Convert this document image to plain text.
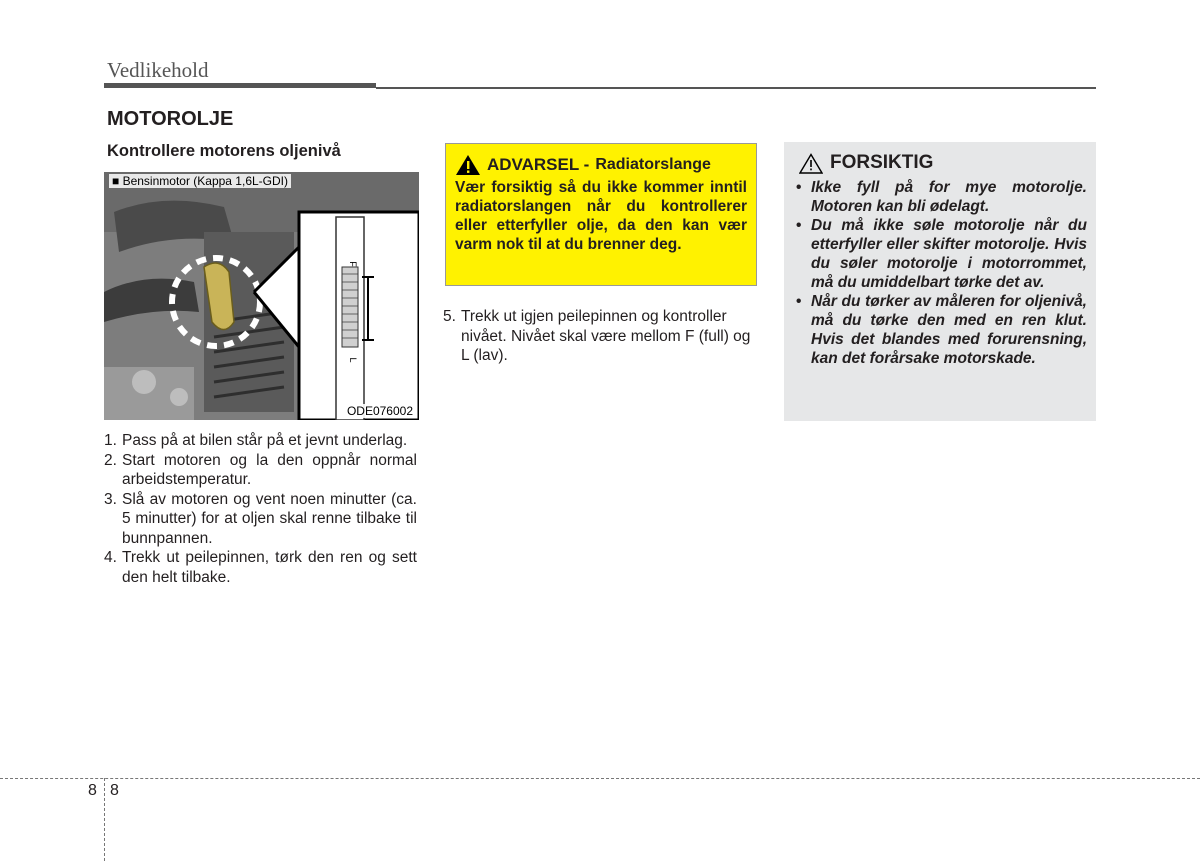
Vedlikehold
MOTOROLJE
Kontrollere motorens oljenivå
F
L
■ Bensinmotor (Kappa 1,6L-GDI)
ODE076002
1. Pass på at bilen står på et jevnt underlag.
2. Start motoren og la den oppnår normal arbeidstemperatur.
3. Slå av motoren og vent noen minutter (ca. 5 minutter) for at oljen skal renne tilbake til bunnpannen.
4. Trekk ut peilepinnen, tørk den ren og sett den helt tilbake.
ADVARSEL - Radiatorslange
Vær forsiktig så du ikke kommer inntil radiatorslangen når du kontrollerer eller etterfyller olje, da den kan vær varm nok til at du brenner deg.
5. Trekk ut igjen peilepinnen og kontroller nivået. Nivået skal være mellom F (full) og L (lav).
FORSIKTIG
• Ikke fyll på for mye motorolje. Motoren kan bli ødelagt.
• Du må ikke søle motorolje når du etterfyller eller skifter motorolje. Hvis du søler motorolje i motorrommet, må du umiddelbart tørke det av.
• Når du tørker av måleren for oljenivå, må du tørke den med en ren klut. Hvis det blandes med forurensning, kan det forårsake motorskade.
8 8
